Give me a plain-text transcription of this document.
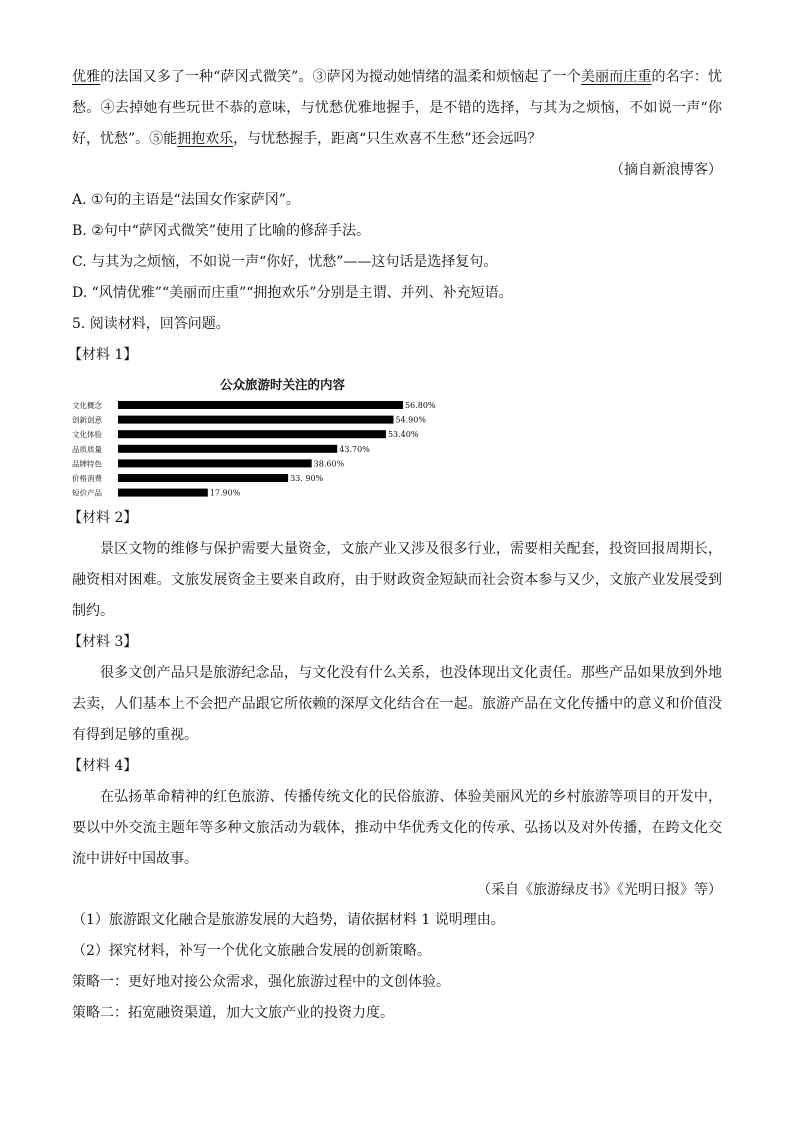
优雅的法国又多了一种“萨冈式微笑”。③萨冈为搅动她情绪的温柔和烦恼起了一个美丽而庄重的名字：忧愁。④去掉她有些玩世不恭的意味，与忧愁优雅地握手，是不错的选择，与其为之烦恼，不如说一声“你好，忧愁”。⑤能拥抱欢乐，与忧愁握手，距离“只生欢喜不生愁”还会远吗？

（摘自新浪博客）

A. ①句的主语是“法国女作家萨冈”。

B. ②句中“萨冈式微笑”使用了比喻的修辞手法。

C. 与其为之烦恼，不如说一声“你好，忧愁”——这句话是选择复句。

D. “风情优雅”“美丽而庄重”“拥抱欢乐”分别是主谓、并列、补充短语。

5. 阅读材料，回答问题。

【材料 1】

公众旅游时关注的内容
文化概念	56.80%
创新创意	54.90%
文化体验	53.40%
品质质量	43.70%
品牌特色	38.60%
价格消费	33. 90%
短价产品	17.90%

【材料 2】

景区文物的维修与保护需要大量资金，文旅产业又涉及很多行业，需要相关配套，投资回报周期长，融资相对困难。文旅发展资金主要来自政府，由于财政资金短缺而社会资本参与又少，文旅产业发展受到制约。

【材料 3】

很多文创产品只是旅游纪念品，与文化没有什么关系，也没体现出文化责任。那些产品如果放到外地去卖，人们基本上不会把产品跟它所依赖的深厚文化结合在一起。旅游产品在文化传播中的意义和价值没有得到足够的重视。

【材料 4】

在弘扬革命精神的红色旅游、传播传统文化的民俗旅游、体验美丽风光的乡村旅游等项目的开发中，要以中外交流主题年等多种文旅活动为载体，推动中华优秀文化的传承、弘扬以及对外传播，在跨文化交流中讲好中国故事。

（采自《旅游绿皮书》《光明日报》等）

（1）旅游跟文化融合是旅游发展的大趋势，请依据材料 1 说明理由。

（2）探究材料，补写一个优化文旅融合发展的创新策略。

策略一：更好地对接公众需求，强化旅游过程中的文创体验。

策略二：拓宽融资渠道，加大文旅产业的投资力度。
